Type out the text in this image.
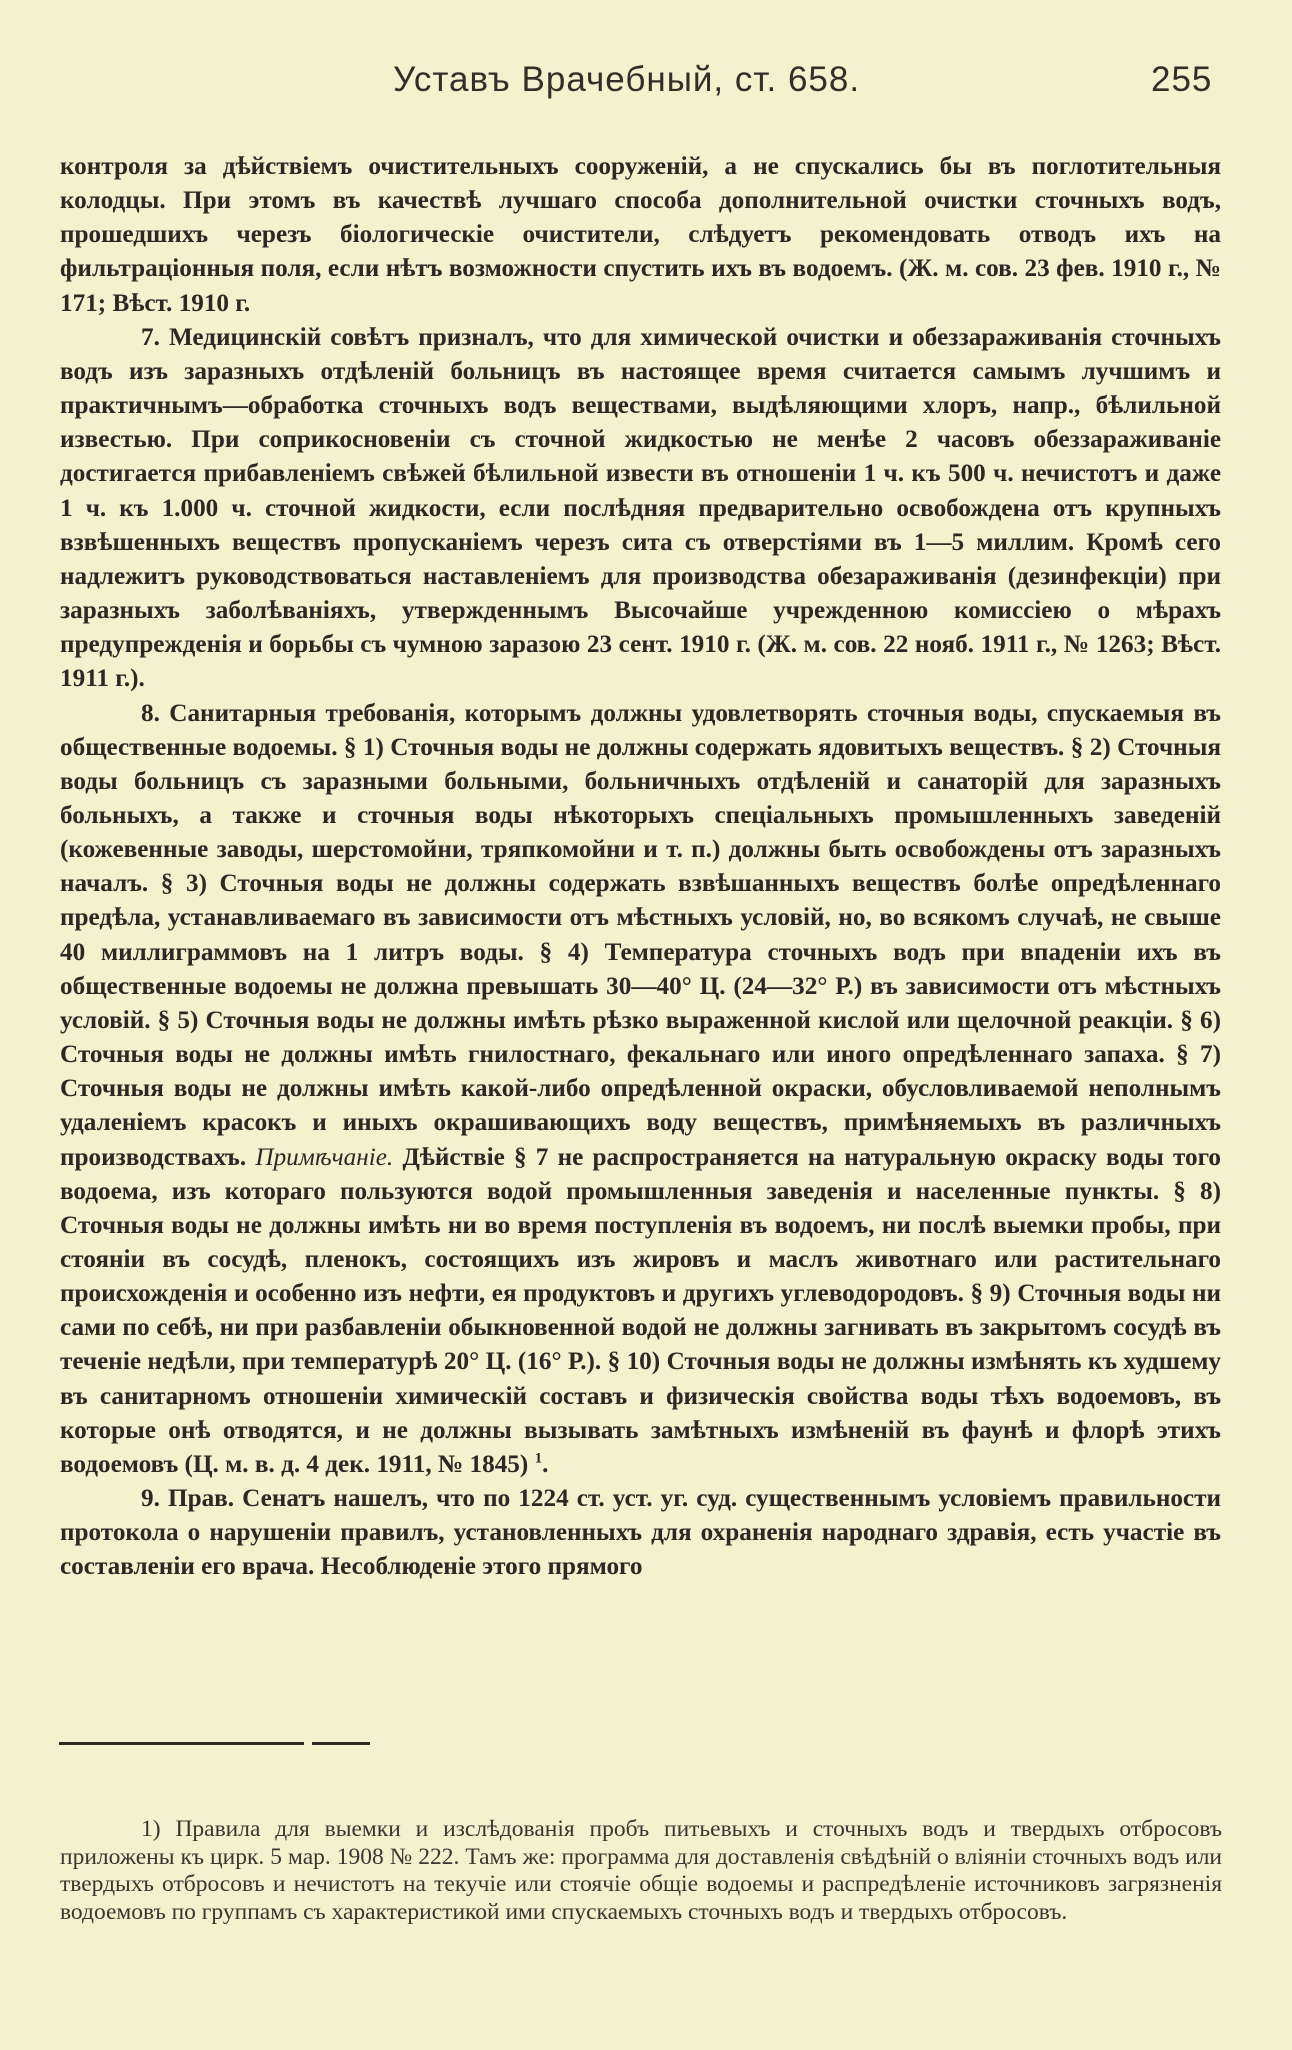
Уставъ Врачебный, ст. 658.	255

контроля за дѣйствіемъ очистительныхъ сооруженій, а не спускались бы въ поглотительныя колодцы. При этомъ въ качествѣ лучшаго способа дополнительной очистки сточныхъ водъ, прошедшихъ черезъ біологическіе очистители, слѣдуетъ рекомендовать отводъ ихъ на фильтраціонныя поля, если нѣтъ возможности спустить ихъ въ водоемъ. (Ж. м. сов. 23 фев. 1910 г., № 171; Вѣст. 1910 г.

7. Медицинскій совѣтъ призналъ, что для химической очистки и обеззараживанія сточныхъ водъ изъ заразныхъ отдѣленій больницъ въ настоящее время считается самымъ лучшимъ и практичнымъ—обработка сточныхъ водъ веществами, выдѣляющими хлоръ, напр., бѣлильной известью. При соприкосновеніи съ сточной жидкостью не менѣе 2 часовъ обеззараживаніе достигается прибавленіемъ свѣжей бѣлильной извести въ отношеніи 1 ч. къ 500 ч. нечистотъ и даже 1 ч. къ 1.000 ч. сточной жидкости, если послѣдняя предварительно освобождена отъ крупныхъ взвѣшенныхъ веществъ пропусканіемъ черезъ сита съ отверстіями въ 1—5 миллим. Кромѣ сего надлежитъ руководствоваться наставленіемъ для производства обезараживанія (дезинфекціи) при заразныхъ заболѣваніяхъ, утвержденнымъ Высочайше учрежденною комиссіею о мѣрахъ предупрежденія и борьбы съ чумною заразою 23 сент. 1910 г. (Ж. м. сов. 22 нояб. 1911 г., № 1263; Вѣст. 1911 г.).

8. Санитарныя требованія, которымъ должны удовлетворять сточныя воды, спускаемыя въ общественные водоемы. § 1) Сточныя воды не должны содержать ядовитыхъ веществъ. § 2) Сточныя воды больницъ съ заразными больными, больничныхъ отдѣленій и санаторій для заразныхъ больныхъ, а также и сточныя воды нѣкоторыхъ спеціальныхъ промышленныхъ заведеній (кожевенные заводы, шерстомойни, тряпкомойни и т. п.) должны быть освобождены отъ заразныхъ началъ. § 3) Сточныя воды не должны содержать взвѣшанныхъ веществъ болѣе опредѣленнаго предѣла, устанавливаемаго въ зависимости отъ мѣстныхъ условій, но, во всякомъ случаѣ, не свыше 40 миллиграммовъ на 1 литръ воды. § 4) Температура сточныхъ водъ при впаденіи ихъ въ общественные водоемы не должна превышать 30—40° Ц. (24—32° Р.) въ зависимости отъ мѣстныхъ условій. § 5) Сточныя воды не должны имѣть рѣзко выраженной кислой или щелочной реакціи. § 6) Сточныя воды не должны имѣть гнилостнаго, фекальнаго или иного опредѣленнаго запаха. § 7) Сточныя воды не должны имѣть какой-либо опредѣленной окраски, обусловливаемой неполнымъ удаленіемъ красокъ и иныхъ окрашивающихъ воду веществъ, примѣняемыхъ въ различныхъ производствахъ. Примѣчаніе. Дѣйствіе § 7 не распространяется на натуральную окраску воды того водоема, изъ котораго пользуются водой промышленныя заведенія и населенные пункты. § 8) Сточныя воды не должны имѣть ни во время поступленія въ водоемъ, ни послѣ выемки пробы, при стояніи въ сосудѣ, пленокъ, состоящихъ изъ жировъ и маслъ животнаго или растительнаго происхожденія и особенно изъ нефти, ея продуктовъ и другихъ углеводородовъ. § 9) Сточныя воды ни сами по себѣ, ни при разбавленіи обыкновенной водой не должны загнивать въ закрытомъ сосудѣ въ теченіе недѣли, при температурѣ 20° Ц. (16° Р.). § 10) Сточныя воды не должны измѣнять къ худшему въ санитарномъ отношеніи химическій составъ и физическія свойства воды тѣхъ водоемовъ, въ которые онѣ отводятся, и не должны вызывать замѣтныхъ измѣненій въ фаунѣ и флорѣ этихъ водоемовъ (Ц. м. в. д. 4 дек. 1911, № 1845) $^1$.

9. Прав. Сенатъ нашелъ, что по 1224 ст. уст. уг. суд. существеннымъ условіемъ правильности протокола о нарушеніи правилъ, установленныхъ для охраненія народнаго здравія, есть участіе въ составленіи его врача. Несоблюденіе этого прямого

1) Правила для выемки и изслѣдованія пробъ питьевыхъ и сточныхъ водъ и твердыхъ отбросовъ приложены къ цирк. 5 мар. 1908 № 222. Тамъ же: программа для доставленія свѣдѣній о вліяніи сточныхъ водъ или твердыхъ отбросовъ и нечистотъ на текучіе или стоячіе общіе водоемы и распредѣленіе источниковъ загрязненія водоемовъ по группамъ съ характеристикой ими спускаемыхъ сточныхъ водъ и твердыхъ отбросовъ.
